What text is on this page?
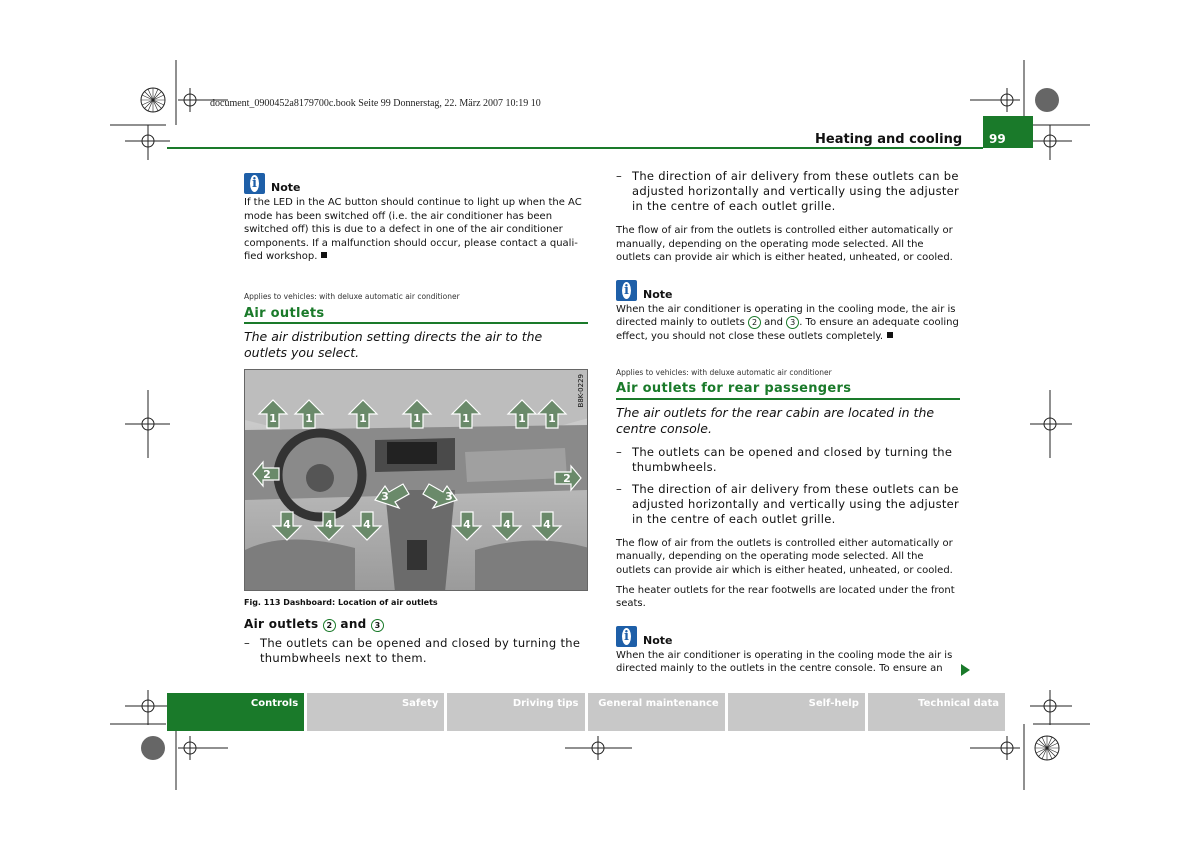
document_0900452a8179700c.book Seite 99 Donnerstag, 22. März 2007 10:19 10
Heating and cooling	99
i Note

If the LED in the AC button should continue to light up when the AC mode has been switched off (i.e. the air conditioner has been switched off) this is due to a defect in one of the air conditioner components. If a malfunction should occur, please contact a quali-fied workshop.

Applies to vehicles: with deluxe automatic air conditioner

Air outlets

The air distribution setting directs the air to the outlets you select.

1	1	1	1	1	1 1
2	2
3	3
4	4	4	4	4	4
B8K-0229
Fig. 113 Dashboard: Location of air outlets

Air outlets 2 and 3

– The outlets can be opened and closed by turning the thumbwheels next to them.
– The direction of air delivery from these outlets can be adjusted horizontally and vertically using the adjuster in the centre of each outlet grille.

The flow of air from the outlets is controlled either automatically or manually, depending on the operating mode selected. All the outlets can provide air which is either heated, unheated, or cooled.

i Note

When the air conditioner is operating in the cooling mode, the air is directed mainly to outlets 2 and 3 . To ensure an adequate cooling effect, you should not close these outlets completely.

Applies to vehicles: with deluxe automatic air conditioner

Air outlets for rear passengers

The air outlets for the rear cabin are located in the centre console.

– The outlets can be opened and closed by turning the thumbwheels.
– The direction of air delivery from these outlets can be adjusted horizontally and vertically using the adjuster in the centre of each outlet grille.

The flow of air from the outlets is controlled either automatically or manually, depending on the operating mode selected. All the outlets can provide air which is either heated, unheated, or cooled.

The heater outlets for the rear footwells are located under the front seats.

i Note

When the air conditioner is operating in the cooling mode the air is directed mainly to the outlets in the centre console. To ensure an

Controls	Safety	Driving tips	General maintenance	Self-help	Technical data
